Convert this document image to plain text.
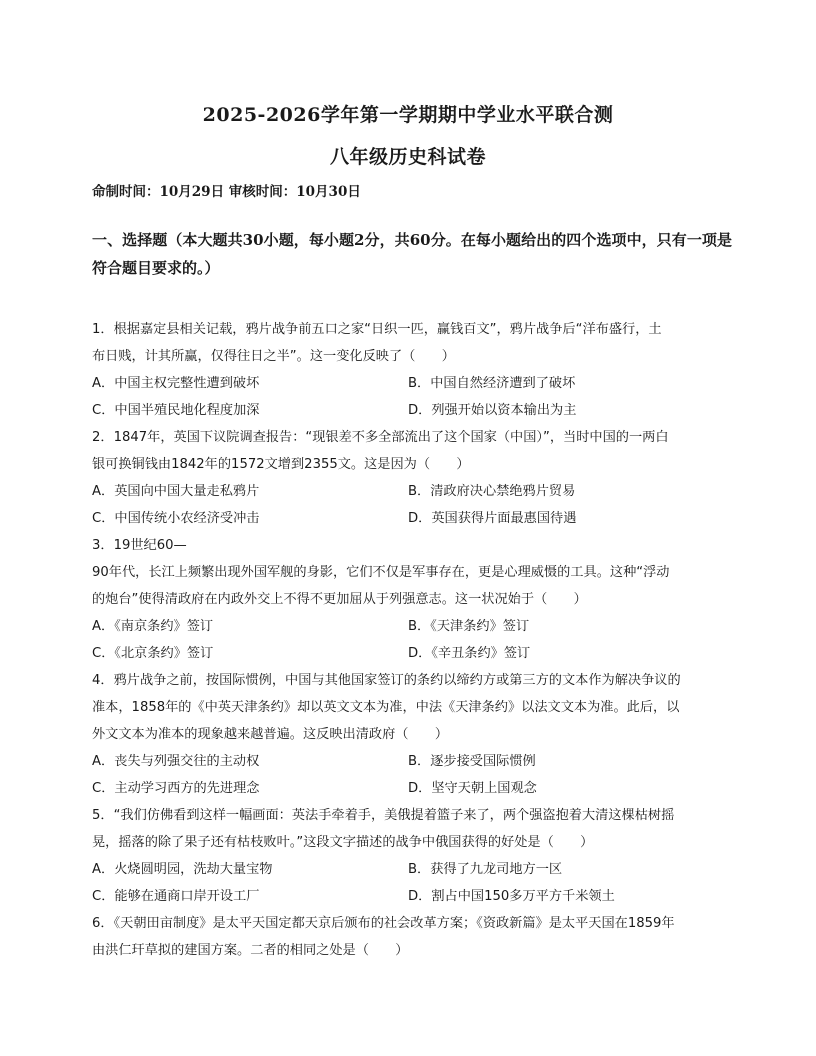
2025-2026学年第一学期期中学业水平联合测
八年级历史科试卷

命制时间：10月29日 审核时间：10月30日

一、选择题（本大题共30小题，每小题2分，共60分。在每小题给出的四个选项中，只有一项是符合题目要求的。）

1．根据嘉定县相关记载，鸦片战争前五口之家“日织一匹，赢钱百文”，鸦片战争后“洋布盛行，土
布日贱，计其所赢，仅得往日之半”。这一变化反映了（　　）
A．中国主权完整性遭到破坏	B．中国自然经济遭到了破坏
C．中国半殖民地化程度加深	D．列强开始以资本输出为主
2．1847年，英国下议院调查报告：“现银差不多全部流出了这个国家（中国）”，当时中国的一两白
银可换铜钱由1842年的1572文增到2355文。这是因为（　　）
A．英国向中国大量走私鸦片	B．清政府决心禁绝鸦片贸易
C．中国传统小农经济受冲击	D．英国获得片面最惠国待遇
3．19世纪60—
90年代，长江上频繁出现外国军舰的身影，它们不仅是军事存在，更是心理威慑的工具。这种“浮动
的炮台”使得清政府在内政外交上不得不更加屈从于列强意志。这一状况始于（　　）
A．《南京条约》签订	B．《天津条约》签订
C．《北京条约》签订	D．《辛丑条约》签订
4．鸦片战争之前，按国际惯例，中国与其他国家签订的条约以缔约方或第三方的文本作为解决争议的
准本，1858年的《中英天津条约》却以英文文本为准，中法《天津条约》以法文文本为准。此后，以
外文文本为准本的现象越来越普遍。这反映出清政府（　　）
A．丧失与列强交往的主动权	B．逐步接受国际惯例
C．主动学习西方的先进理念	D．坚守天朝上国观念
5．“我们仿佛看到这样一幅画面：英法手牵着手，美俄提着篮子来了，两个强盗抱着大清这棵枯树摇
晃，摇落的除了果子还有枯枝败叶。”这段文字描述的战争中俄国获得的好处是（　　）
A．火烧圆明园，洗劫大量宝物	B．获得了九龙司地方一区
C．能够在通商口岸开设工厂	D．割占中国150多万平方千米领土
6．《天朝田亩制度》是太平天国定都天京后颁布的社会改革方案；《资政新篇》是太平天国在1859年
由洪仁玕草拟的建国方案。二者的相同之处是（　　）
